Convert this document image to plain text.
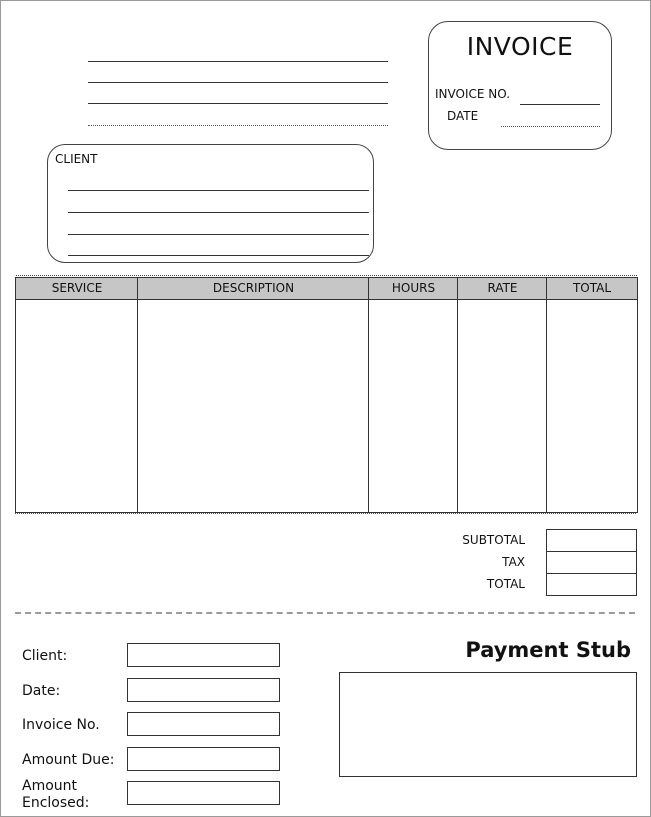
INVOICE
INVOICE NO.
DATE
CLIENT
SERVICE	DESCRIPTION	HOURS	RATE	TOTAL
SUBTOTAL
TAX
TOTAL
Client:
Date:
Invoice No.
Amount Due:
Amount
Enclosed:
Payment Stub
